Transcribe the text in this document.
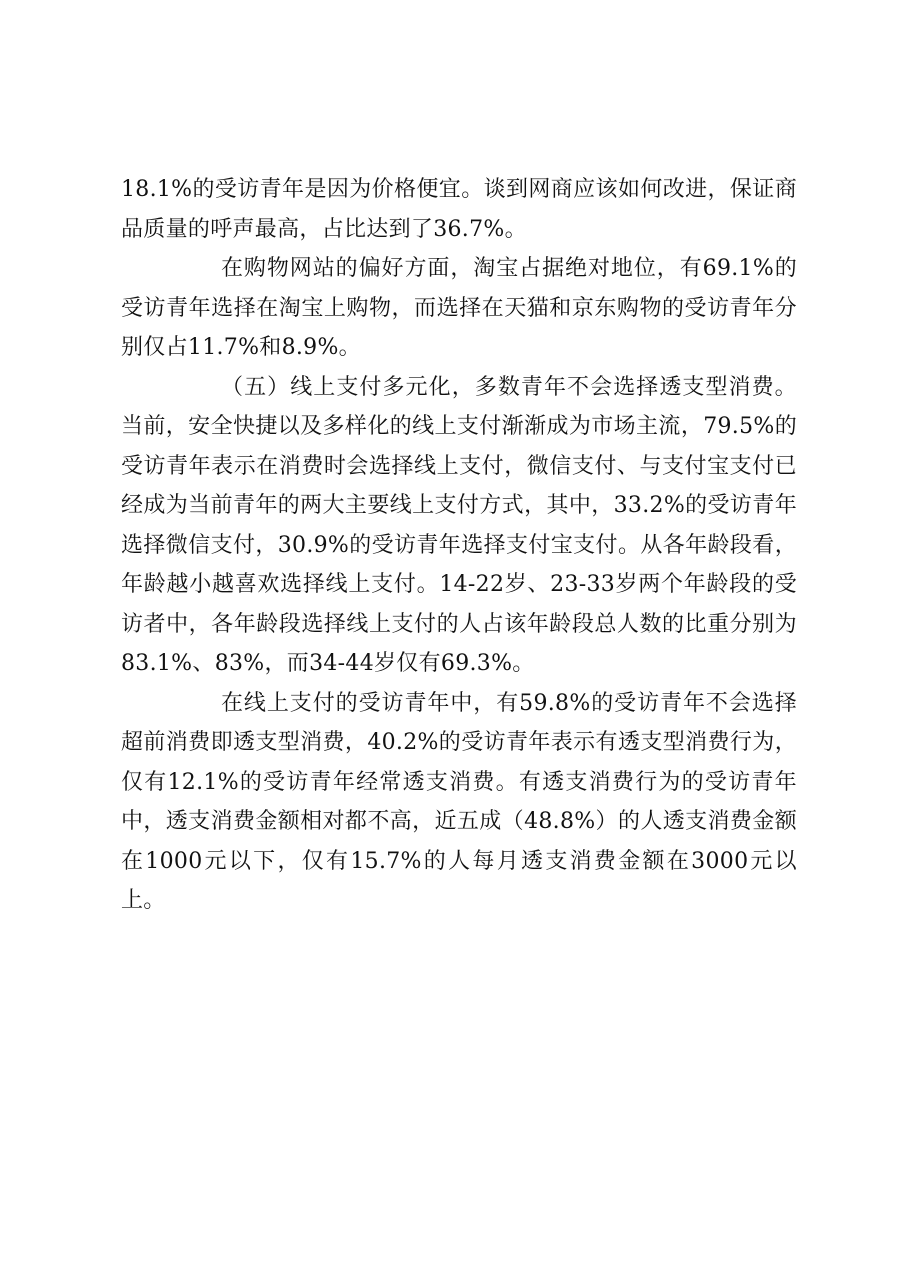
18.1%的受访青年是因为价格便宜。谈到网商应该如何改进，保证商品质量的呼声最高，占比达到了36.7%。

在购物网站的偏好方面，淘宝占据绝对地位，有69.1%的受访青年选择在淘宝上购物，而选择在天猫和京东购物的受访青年分别仅占11.7%和8.9%。

（五）线上支付多元化，多数青年不会选择透支型消费。当前，安全快捷以及多样化的线上支付渐渐成为市场主流，79.5%的受访青年表示在消费时会选择线上支付，微信支付、与支付宝支付已经成为当前青年的两大主要线上支付方式，其中，33.2%的受访青年选择微信支付，30.9%的受访青年选择支付宝支付。从各年龄段看，年龄越小越喜欢选择线上支付。14-22岁、23-33岁两个年龄段的受访者中，各年龄段选择线上支付的人占该年龄段总人数的比重分别为83.1%、83%，而34-44岁仅有69.3%。

在线上支付的受访青年中，有59.8%的受访青年不会选择超前消费即透支型消费，40.2%的受访青年表示有透支型消费行为，仅有12.1%的受访青年经常透支消费。有透支消费行为的受访青年中，透支消费金额相对都不高，近五成（48.8%）的人透支消费金额在1000元以下，仅有15.7%的人每月透支消费金额在3000元以上。
